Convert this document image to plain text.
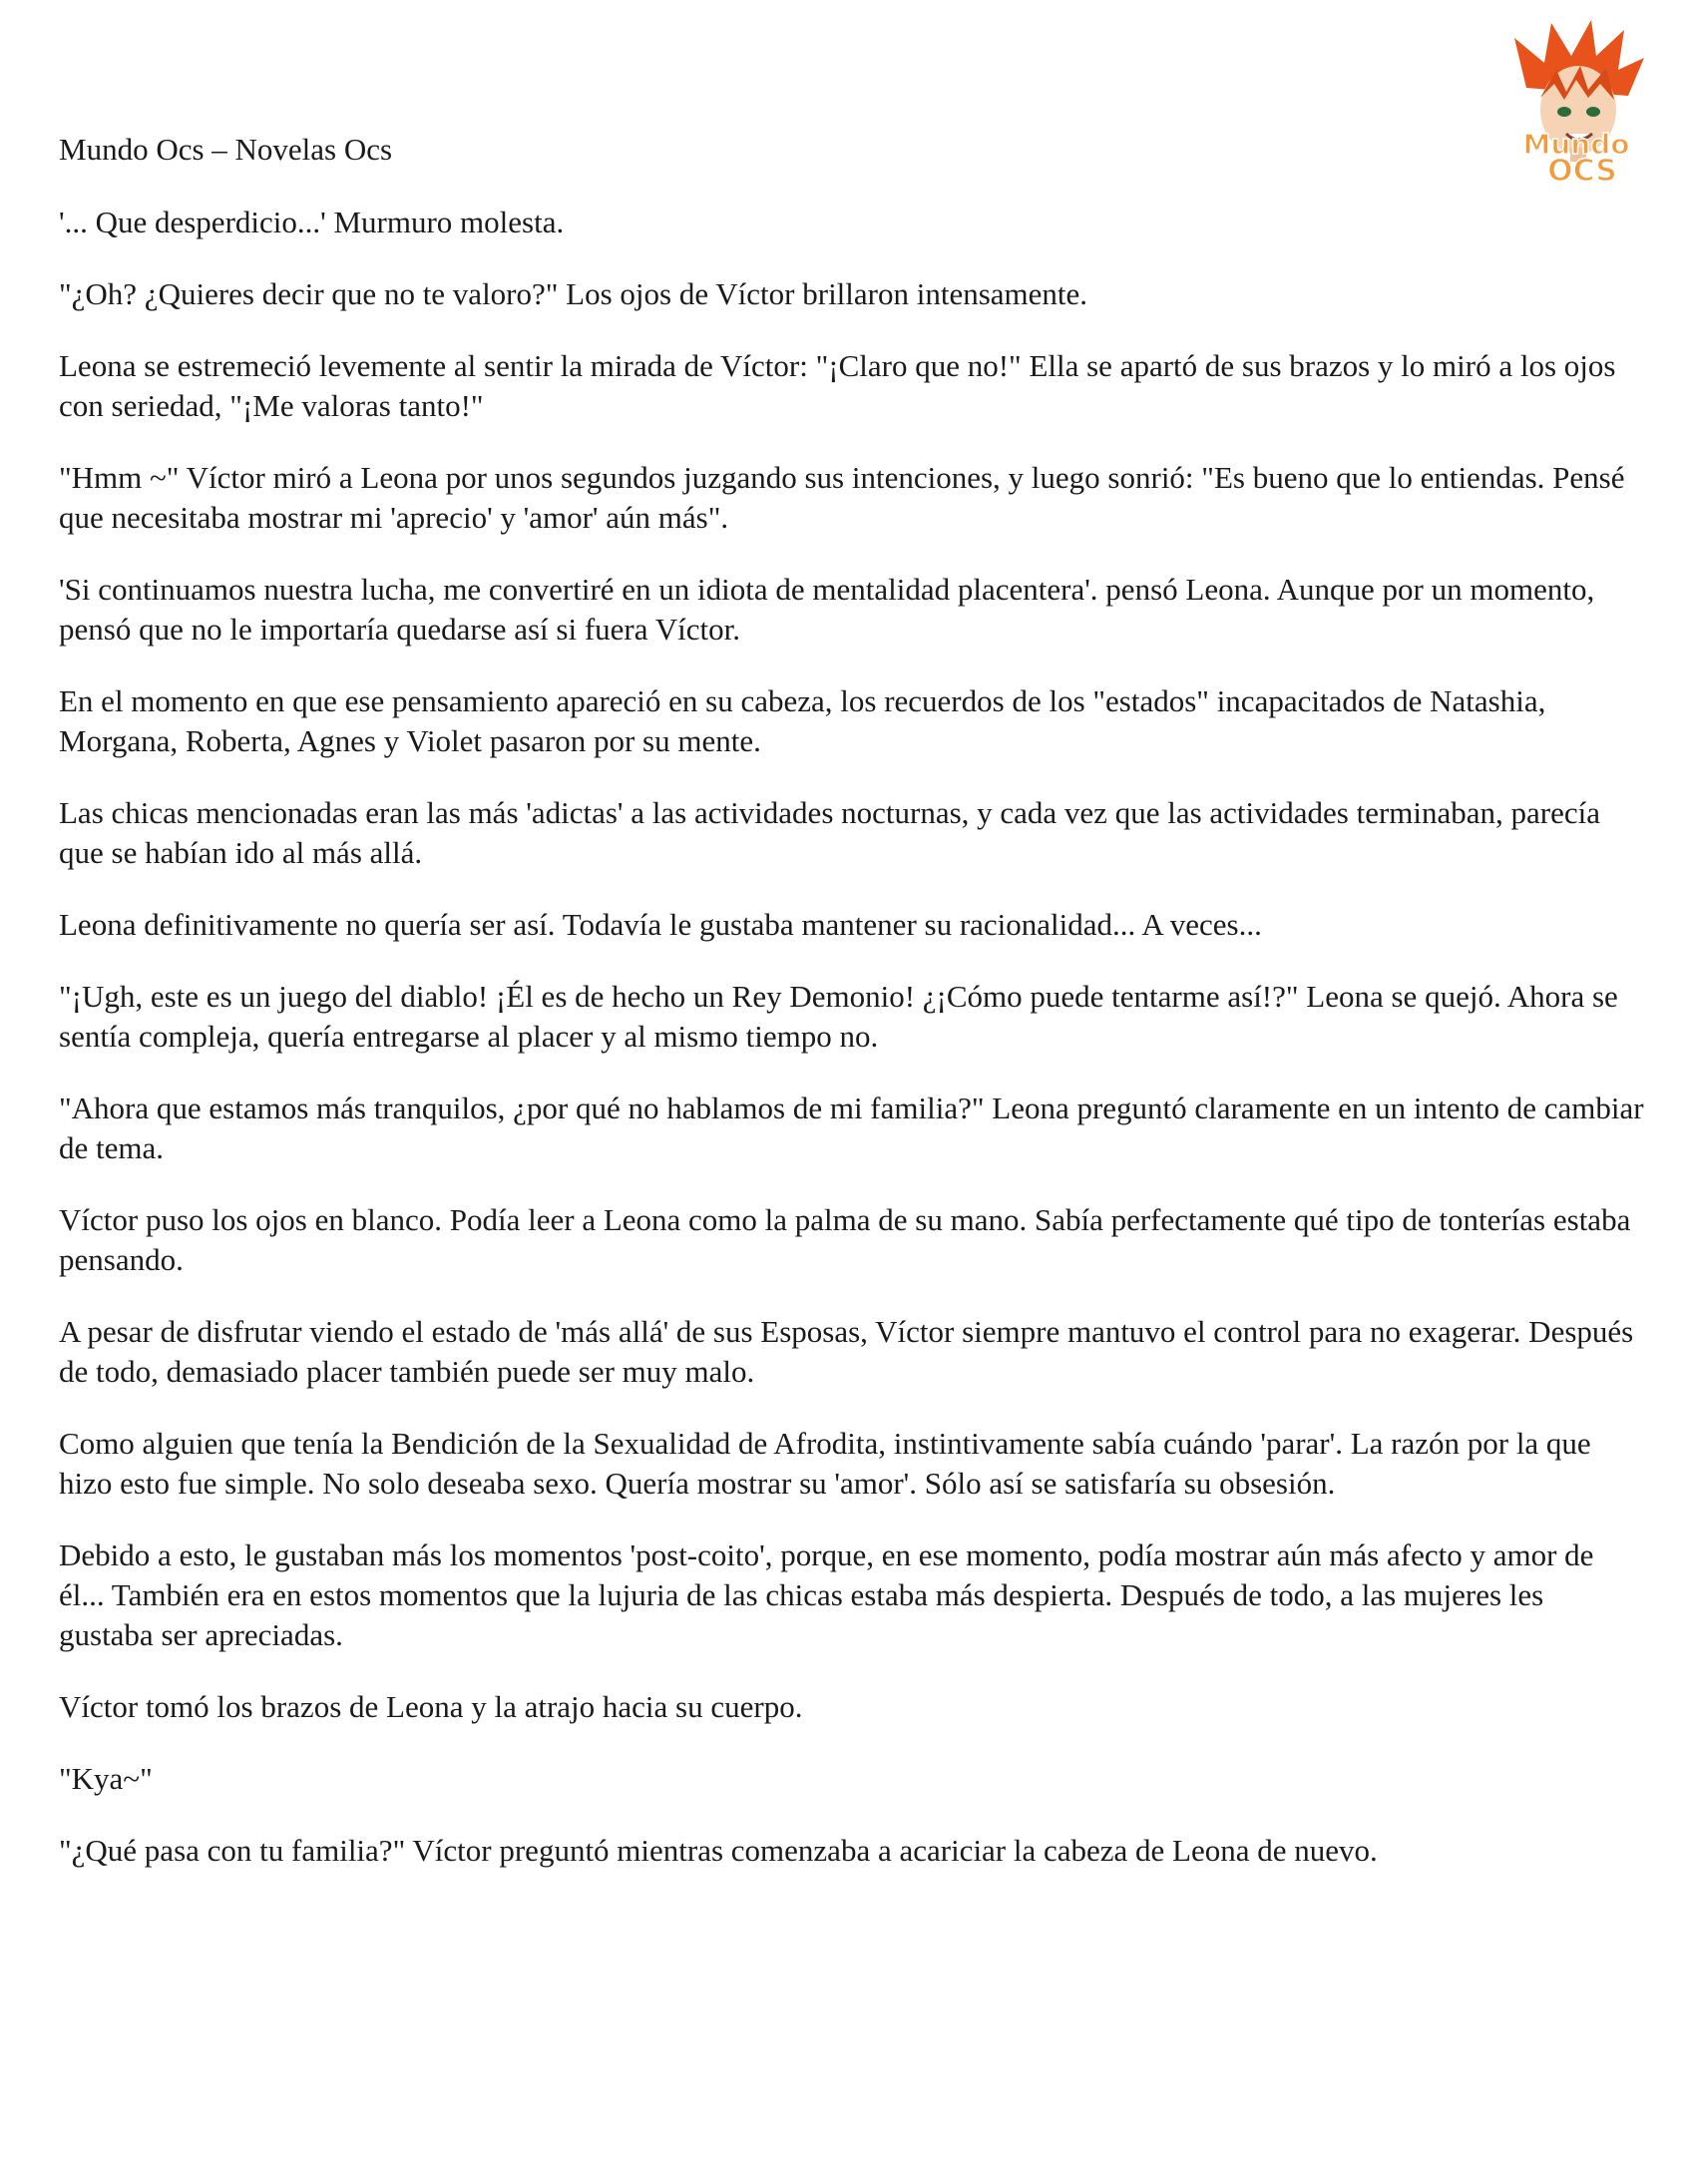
Mundo
OCS

Mundo Ocs – Novelas Ocs

'... Que desperdicio...' Murmuro molesta.

"¿Oh? ¿Quieres decir que no te valoro?" Los ojos de Víctor brillaron intensamente.

Leona se estremeció levemente al sentir la mirada de Víctor: "¡Claro que no!" Ella se apartó de sus brazos y lo miró a los ojos con seriedad, "¡Me valoras tanto!"

"Hmm ~" Víctor miró a Leona por unos segundos juzgando sus intenciones, y luego sonrió: "Es bueno que lo entiendas. Pensé que necesitaba mostrar mi 'aprecio' y 'amor' aún más".

'Si continuamos nuestra lucha, me convertiré en un idiota de mentalidad placentera'. pensó Leona. Aunque por un momento, pensó que no le importaría quedarse así si fuera Víctor.

En el momento en que ese pensamiento apareció en su cabeza, los recuerdos de los "estados" incapacitados de Natashia, Morgana, Roberta, Agnes y Violet pasaron por su mente.

Las chicas mencionadas eran las más 'adictas' a las actividades nocturnas, y cada vez que las actividades terminaban, parecía que se habían ido al más allá.

Leona definitivamente no quería ser así. Todavía le gustaba mantener su racionalidad... A veces...

"¡Ugh, este es un juego del diablo! ¡Él es de hecho un Rey Demonio! ¿¡Cómo puede tentarme así!?" Leona se quejó. Ahora se sentía compleja, quería entregarse al placer y al mismo tiempo no.

"Ahora que estamos más tranquilos, ¿por qué no hablamos de mi familia?" Leona preguntó claramente en un intento de cambiar de tema.

Víctor puso los ojos en blanco. Podía leer a Leona como la palma de su mano. Sabía perfectamente qué tipo de tonterías estaba pensando.

A pesar de disfrutar viendo el estado de 'más allá' de sus Esposas, Víctor siempre mantuvo el control para no exagerar. Después de todo, demasiado placer también puede ser muy malo.

Como alguien que tenía la Bendición de la Sexualidad de Afrodita, instintivamente sabía cuándo 'parar'. La razón por la que hizo esto fue simple. No solo deseaba sexo. Quería mostrar su 'amor'. Sólo así se satisfaría su obsesión.

Debido a esto, le gustaban más los momentos 'post-coito', porque, en ese momento, podía mostrar aún más afecto y amor de él... También era en estos momentos que la lujuria de las chicas estaba más despierta. Después de todo, a las mujeres les gustaba ser apreciadas.

Víctor tomó los brazos de Leona y la atrajo hacia su cuerpo.

"Kya~"

"¿Qué pasa con tu familia?" Víctor preguntó mientras comenzaba a acariciar la cabeza de Leona de nuevo.
